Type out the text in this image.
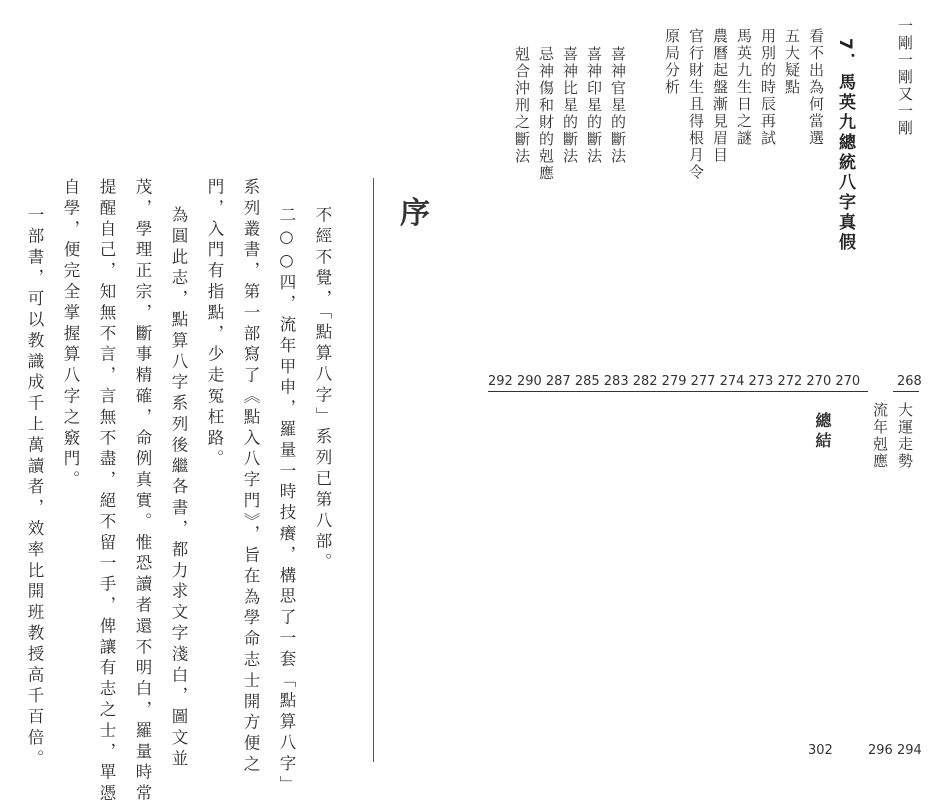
一剛一剛又一剛
7．馬英九總統八字真假
看不出為何當選
五大疑點
用別的時辰再試
馬英九生日之謎
農曆起盤漸見眉目
官行財生且得根月令
原局分析
喜神官星的斷法
喜神印星的斷法
喜神比星的斷法
忌神傷和財的剋應
剋合沖刑之斷法
292 290 287 285 283 282 279 277 274 273 272 270 270	268
大運走勢
流年剋應
總結
302	296 294
序
不經不覺，「點算八字」系列已第八部。
二○○四，流年甲申，羅量一時技癢，構思了一套「點算八字」
系列叢書，第一部寫了《點入八字門》，旨在為學命志士開方便之
門，入門有指點，少走冤枉路。
為圓此志，點算八字系列後繼各書，都力求文字淺白，圖文並
茂，學理正宗，斷事精確，命例真實。惟恐讀者還不明白，羅量時常
提醒自己，知無不言，言無不盡，絕不留一手，俾讓有志之士，單憑
自學，便完全掌握算八字之竅門。
一部書，可以教識成千上萬讀者，效率比開班教授高千百倍。
